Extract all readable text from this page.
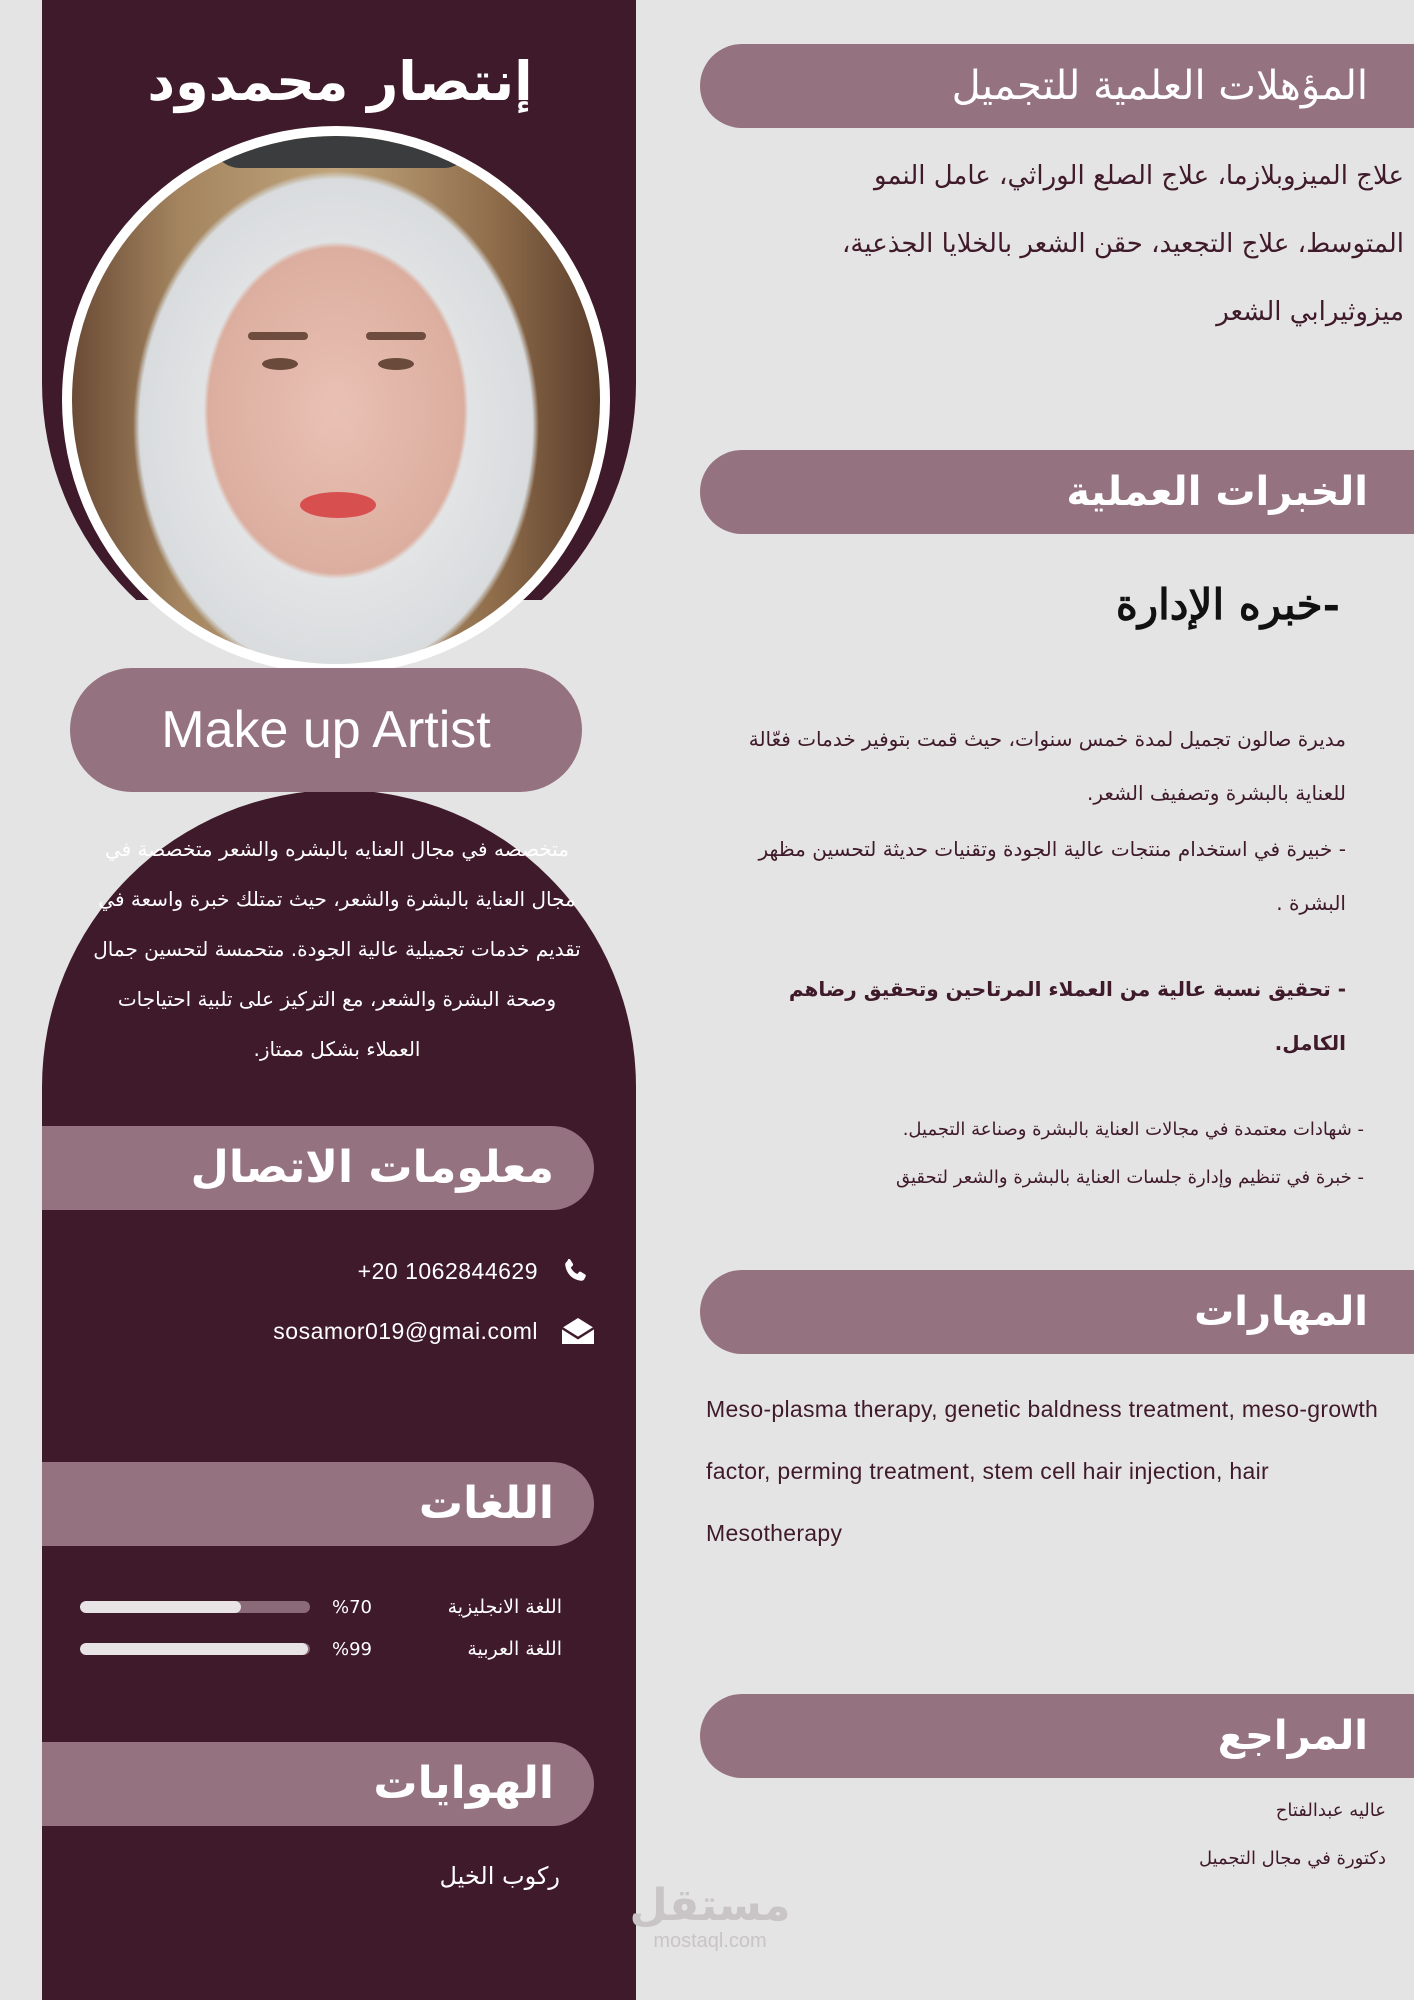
إنتصار محمدود
Make up Artist
متخصصه في مجال العنايه بالبشره والشعر متخصصة في مجال العناية بالبشرة والشعر، حيث تمتلك خبرة واسعة في تقديم خدمات تجميلية عالية الجودة. متحمسة لتحسين جمال وصحة البشرة والشعر، مع التركيز على تلبية احتياجات العملاء بشكل ممتاز.
معلومات الاتصال
+20 1062844629
sosamor019@gmai.coml
اللغات
%70	اللغة الانجليزية
%99	اللغة العربية
الهوايات
ركوب الخيل
المؤهلات العلمية للتجميل
علاج الميزوبلازما، علاج الصلع الوراثي، عامل النمو المتوسط، علاج التجعيد، حقن الشعر بالخلايا الجذعية، ميزوثيرابي الشعر
الخبرات العملية
-خبره الإدارة
مديرة صالون تجميل لمدة خمس سنوات، حيث قمت بتوفير خدمات فعّالة للعناية بالبشرة وتصفيف الشعر.
- خبيرة في استخدام منتجات عالية الجودة وتقنيات حديثة لتحسين مظهر البشرة .
- تحقيق نسبة عالية من العملاء المرتاحين وتحقيق رضاهم الكامل.
- شهادات معتمدة في مجالات العناية بالبشرة وصناعة التجميل.
- خبرة في تنظيم وإدارة جلسات العناية بالبشرة والشعر لتحقيق
المهارات
Meso-plasma therapy, genetic baldness treatment, meso-growth factor, perming treatment, stem cell hair injection, hair Mesotherapy
المراجع
عاليه عبدالفتاح
دكتورة في مجال التجميل
مستقل
mostaql.com
